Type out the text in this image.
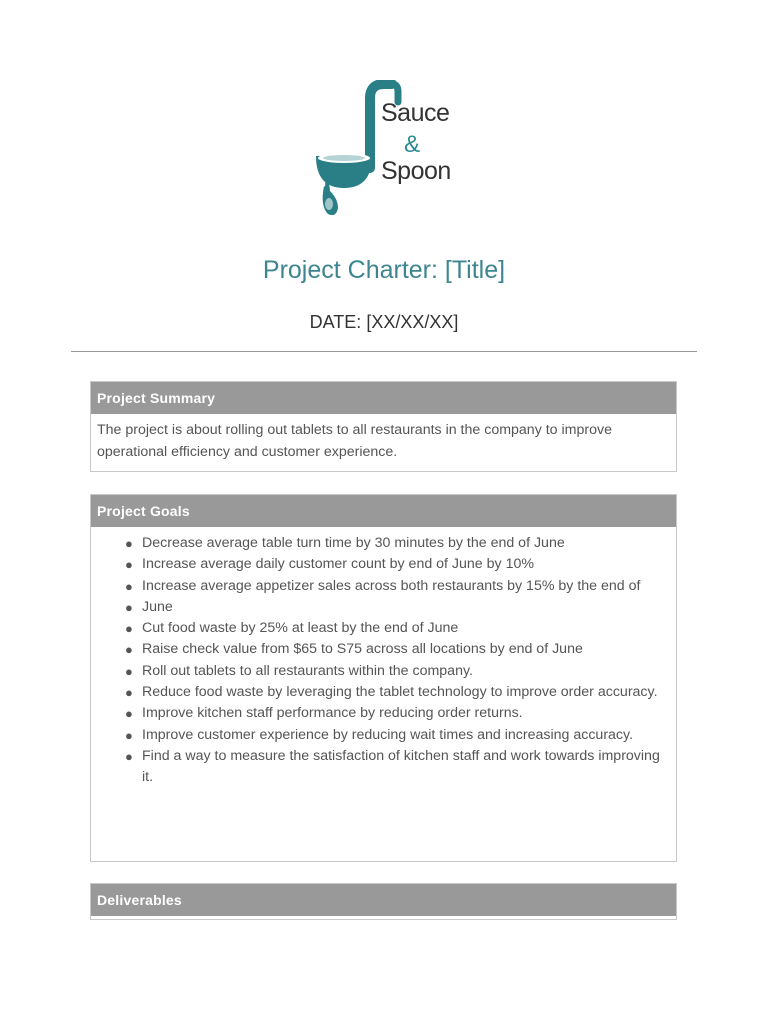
Sauce
&
Spoon
Project Charter: [Title]
DATE: [XX/XX/XX]
Project Summary
The project is about rolling out tablets to all restaurants in the company to improve operational efficiency and customer experience.
Project Goals
● Decrease average table turn time by 30 minutes by the end of June
● Increase average daily customer count by end of June by 10%
● Increase average appetizer sales across both restaurants by 15% by the end of
● June
● Cut food waste by 25% at least by the end of June
● Raise check value from $65 to S75 across all locations by end of June
● Roll out tablets to all restaurants within the company.
● Reduce food waste by leveraging the tablet technology to improve order accuracy.
● Improve kitchen staff performance by reducing order returns.
● Improve customer experience by reducing wait times and increasing accuracy.
● Find a way to measure the satisfaction of kitchen staff and work towards improving it.
Deliverables
